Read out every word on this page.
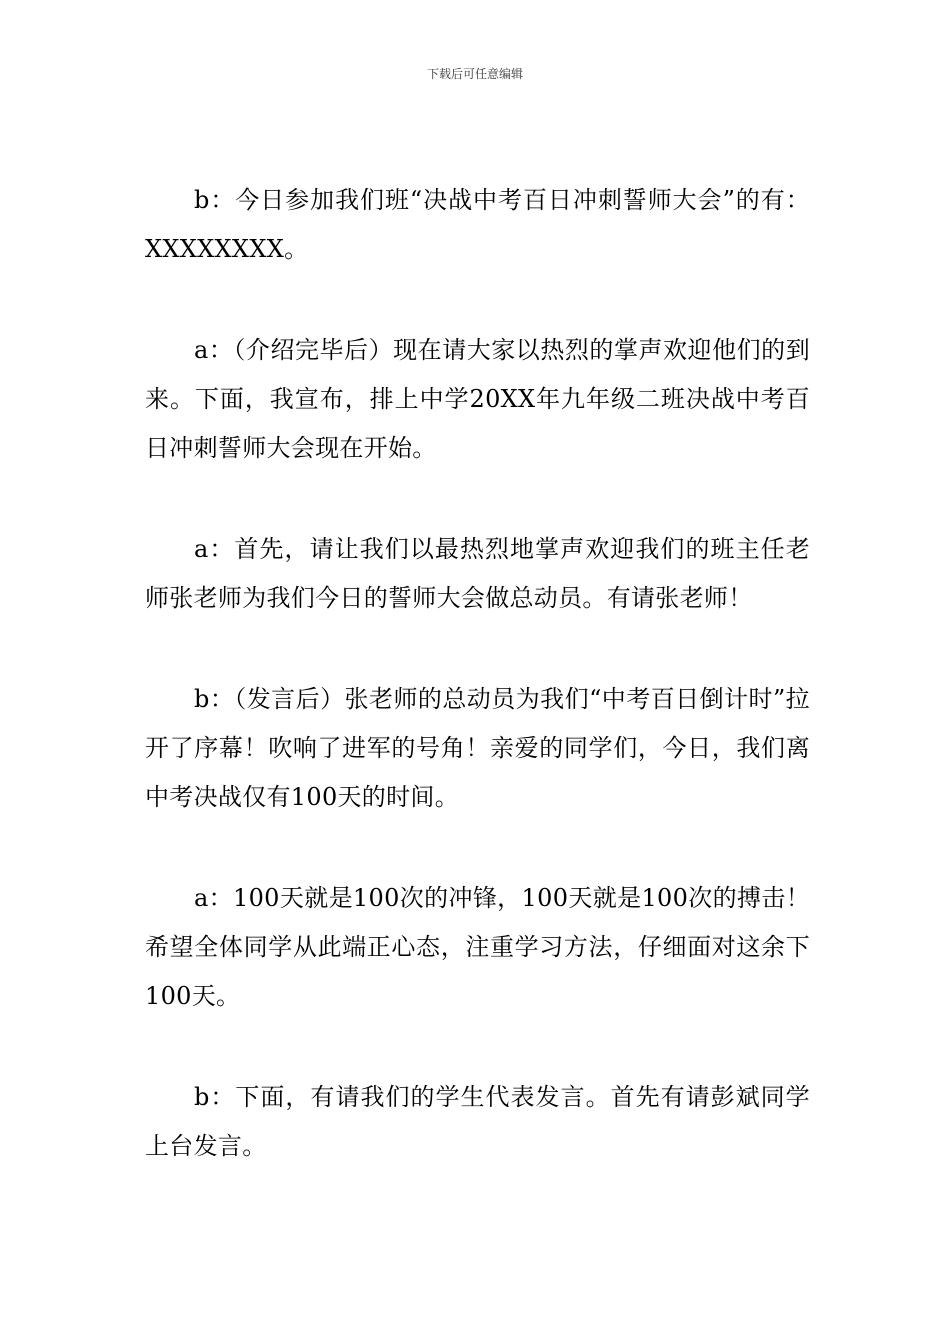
下载后可任意编辑

b：今日参加我们班“决战中考百日冲刺誓师大会”的有：XXXXXXXX。

a：（介绍完毕后）现在请大家以热烈的掌声欢迎他们的到来。下面，我宣布，排上中学20XX年九年级二班决战中考百日冲刺誓师大会现在开始。

a：首先，请让我们以最热烈地掌声欢迎我们的班主任老师张老师为我们今日的誓师大会做总动员。有请张老师！

b：（发言后）张老师的总动员为我们“中考百日倒计时”拉开了序幕！吹响了进军的号角！亲爱的同学们，今日，我们离中考决战仅有100天的时间。

a：100天就是100次的冲锋，100天就是100次的搏击！希望全体同学从此端正心态，注重学习方法，仔细面对这余下100天。

b：下面，有请我们的学生代表发言。首先有请彭斌同学上台发言。
